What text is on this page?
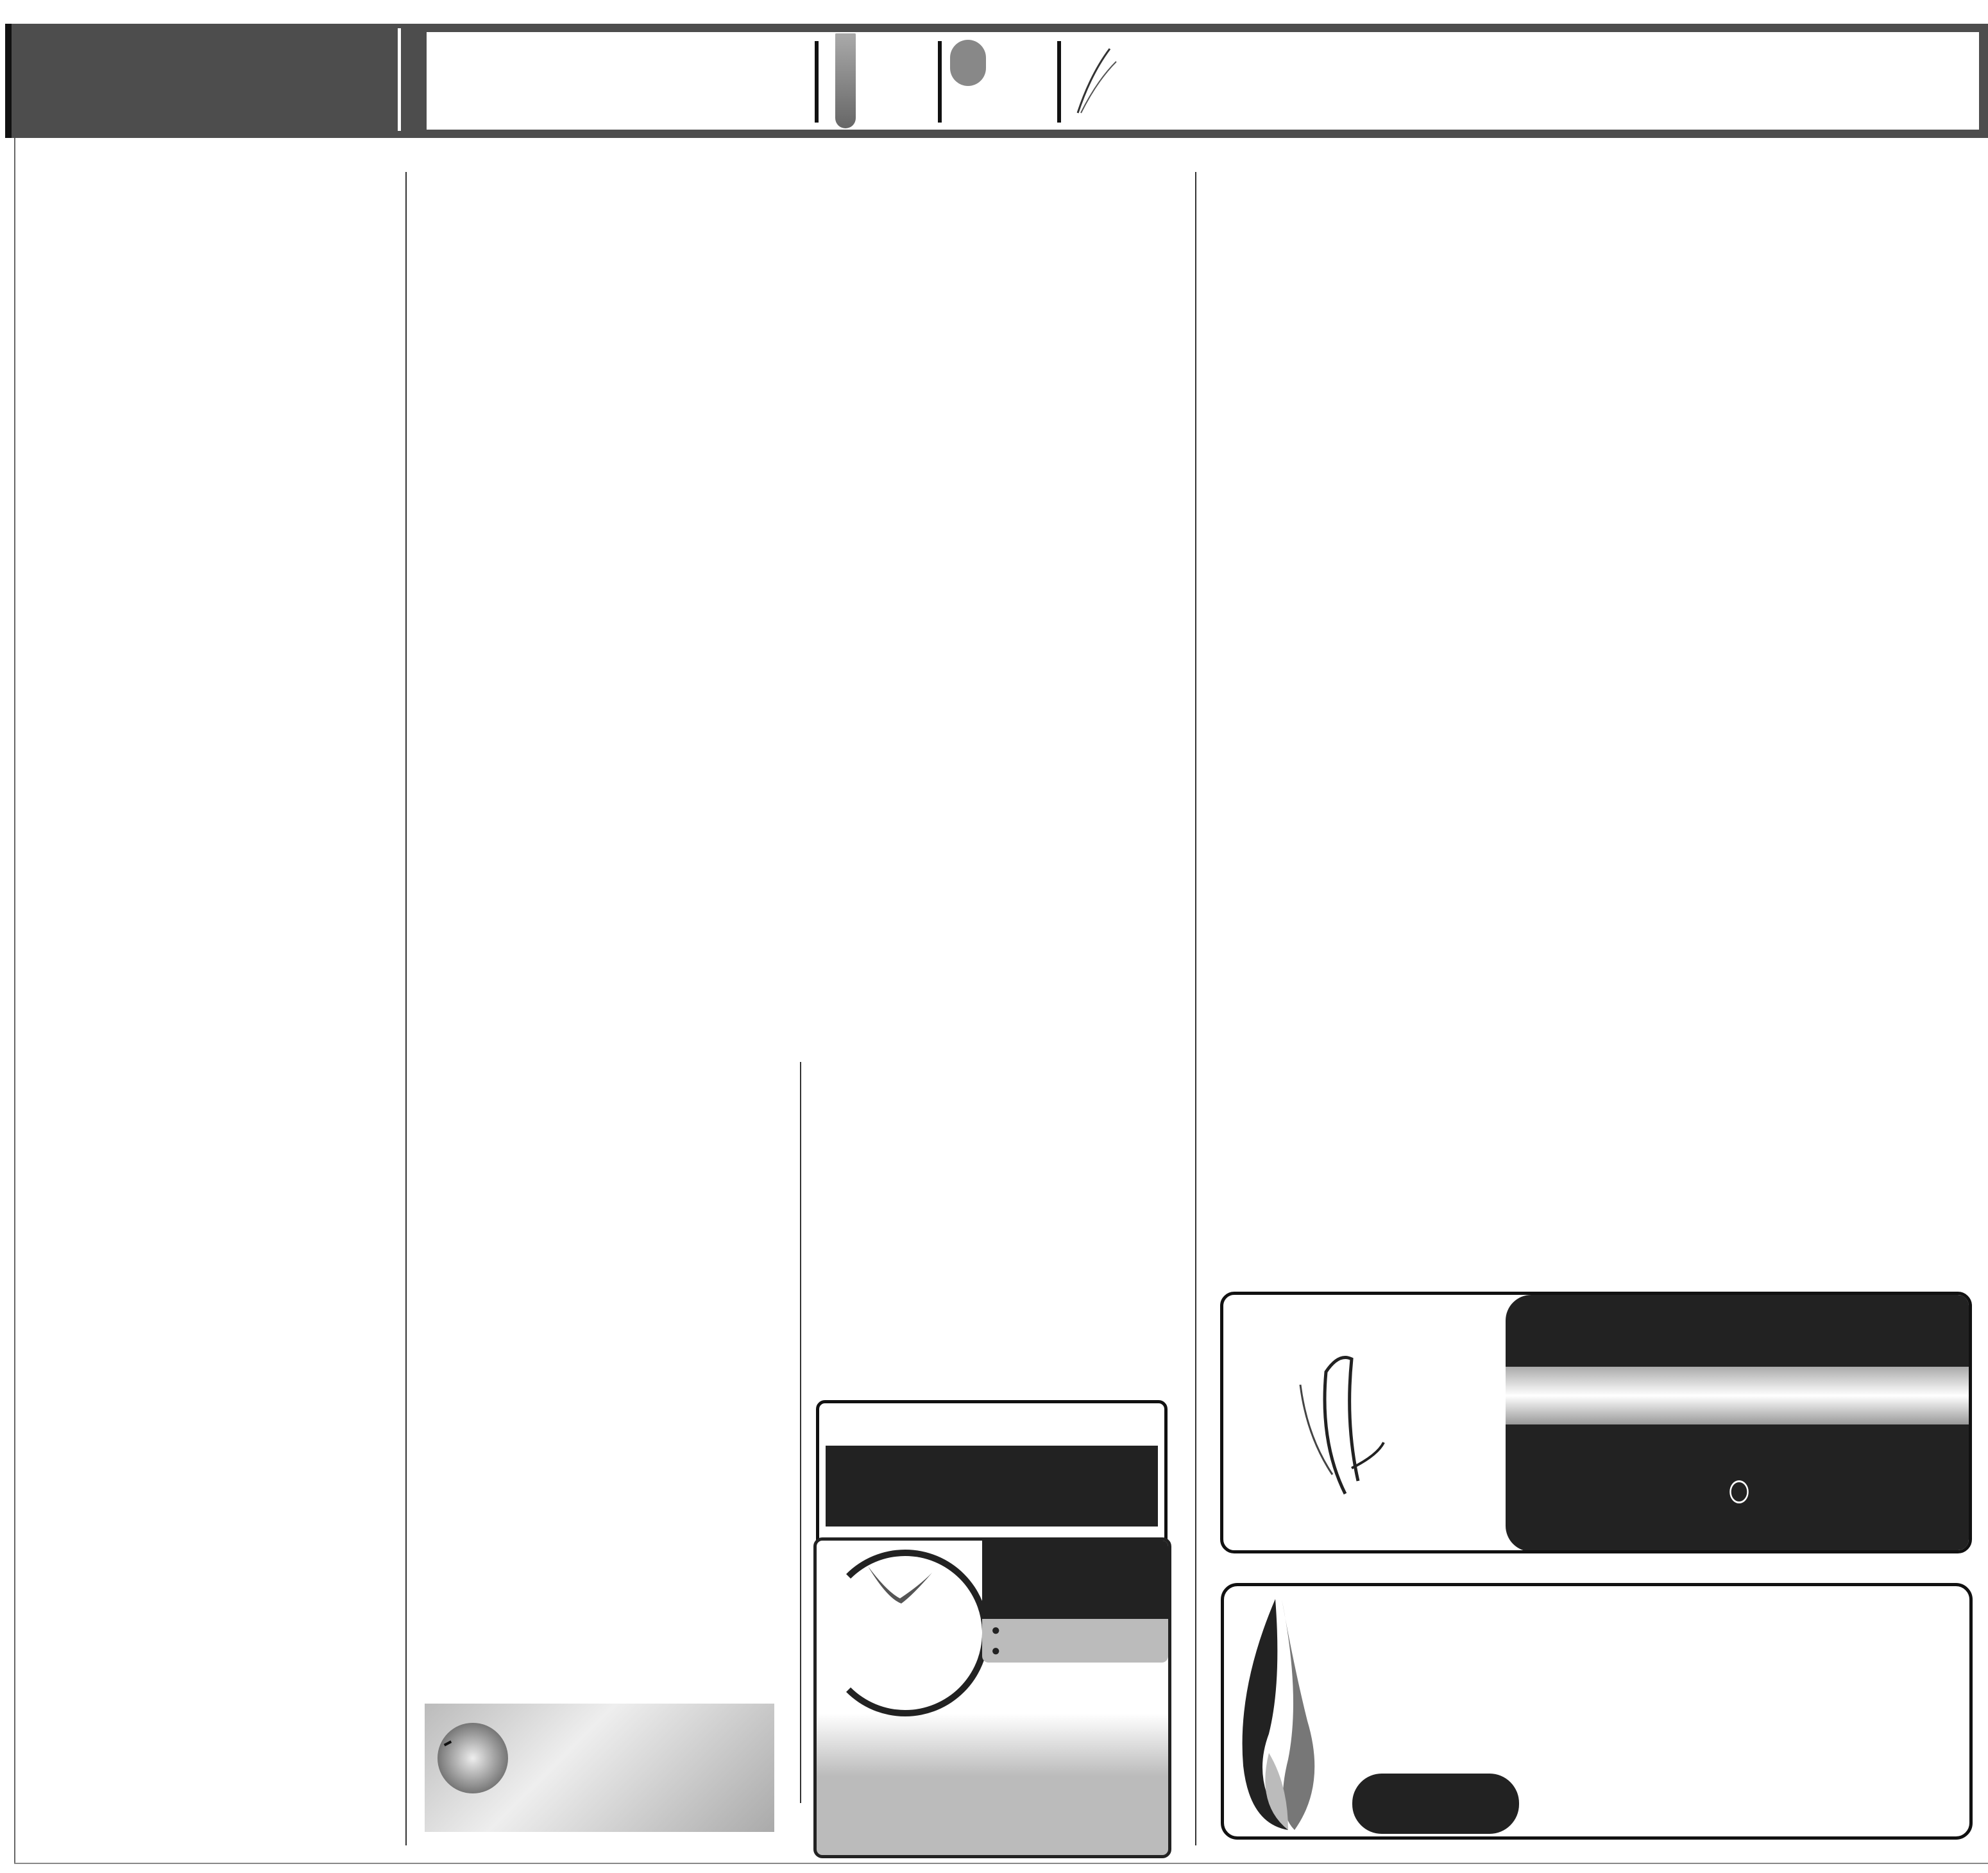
●
●
